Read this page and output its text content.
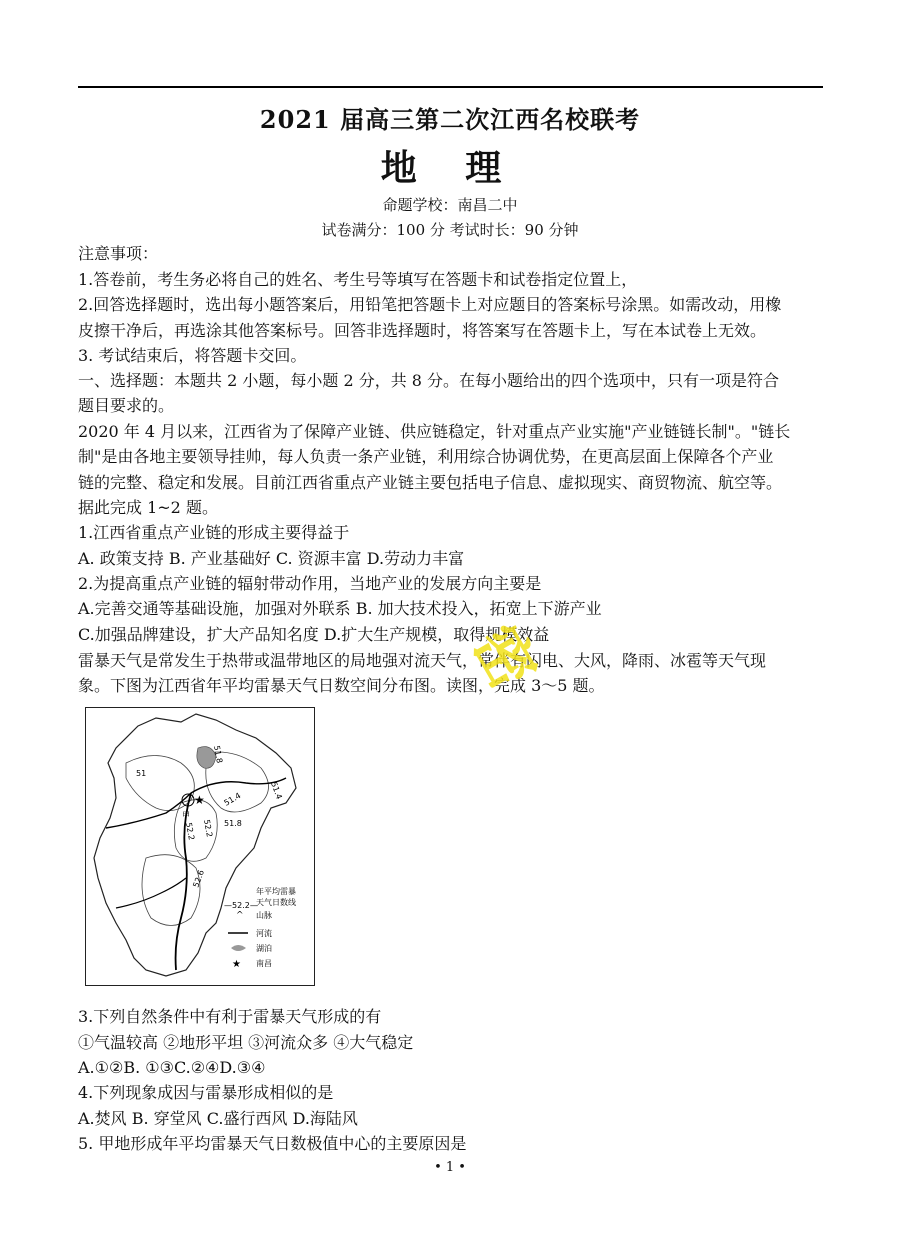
2021 届高三第二次江西名校联考
地 理
命题学校：南昌二中
试卷满分：100 分 考试时长：90 分钟
注意事项：
1.答卷前，考生务必将自己的姓名、考生号等填写在答题卡和试卷指定位置上，
2.回答选择题时，选出每小题答案后，用铅笔把答题卡上对应题目的答案标号涂黑。如需改动，用橡
皮擦干净后，再选涂其他答案标号。回答非选择题时，将答案写在答题卡上，写在本试卷上无效。
3. 考试结束后，将答题卡交回。
一、选择题：本题共 2 小题，每小题 2 分，共 8 分。在每小题给出的四个选项中，只有一项是符合
题目要求的。
2020 年 4 月以来，江西省为了保障产业链、供应链稳定，针对重点产业实施"产业链链长制"。"链长
制"是由各地主要领导挂帅，每人负责一条产业链，利用综合协调优势，在更高层面上保障各个产业
链的完整、稳定和发展。目前江西省重点产业链主要包括电子信息、虚拟现实、商贸物流、航空等。
据此完成 1~2 题。
1.江西省重点产业链的形成主要得益于
A. 政策支持 B. 产业基础好 C. 资源丰富 D.劳动力丰富
2.为提高重点产业链的辐射带动作用，当地产业的发展方向主要是
A.完善交通等基础设施，加强对外联系 B. 加大技术投入，拓宽上下游产业
C.加强品牌建设，扩大产品知名度 D.扩大生产规模，取得规模效益
雷暴天气是常发生于热带或温带地区的局地强对流天气，常伴有闪电、大风，降雨、冰雹等天气现
象。下图为江西省年平均雷暴天气日数空间分布图。读图，完成 3～5 题。
密
★
甲
51
51.8
51.4	51.4
51.8
52.2 52.2
52.6
—52.2—
年平均雷暴
天气日数线
^ 山脉
河流
湖泊
★ 南昌
3.下列自然条件中有利于雷暴天气形成的有
①气温较高 ②地形平坦 ③河流众多 ④大气稳定
A.①②B. ①③C.②④D.③④
4.下列现象成因与雷暴形成相似的是
A.焚风 B. 穿堂风 C.盛行西风 D.海陆风
5. 甲地形成年平均雷暴天气日数极值中心的主要原因是
• 1 •
